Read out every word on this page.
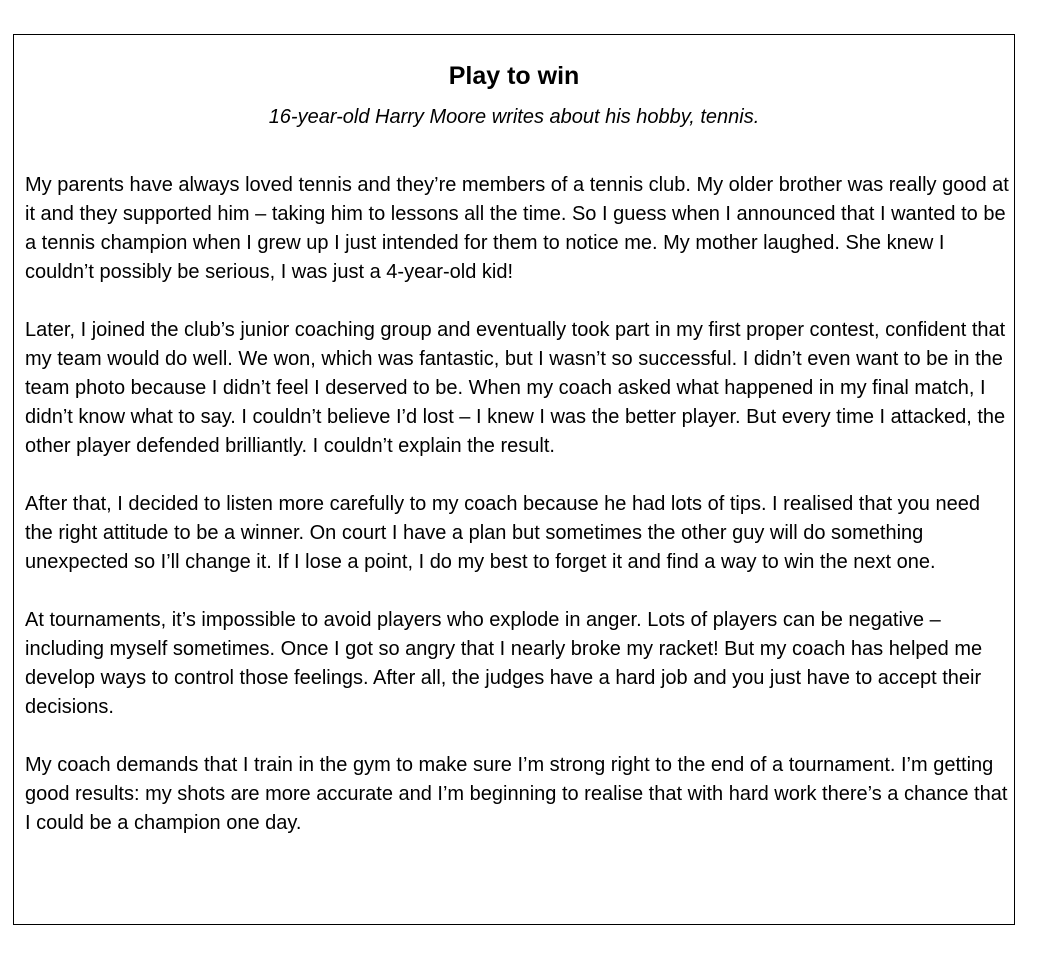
Play to win

16-year-old Harry Moore writes about his hobby, tennis.

My parents have always loved tennis and they’re members of a tennis club. My older brother was really good at it and they supported him – taking him to lessons all the time. So I guess when I announced that I wanted to be a tennis champion when I grew up I just intended for them to notice me. My mother laughed. She knew I couldn’t possibly be serious, I was just a 4-year-old kid!

Later, I joined the club’s junior coaching group and eventually took part in my first proper contest, confident that my team would do well. We won, which was fantastic, but I wasn’t so successful. I didn’t even want to be in the team photo because I didn’t feel I deserved to be. When my coach asked what happened in my final match, I didn’t know what to say. I couldn’t believe I’d lost – I knew I was the better player. But every time I attacked, the other player defended brilliantly. I couldn’t explain the result.

After that, I decided to listen more carefully to my coach because he had lots of tips. I realised that you need the right attitude to be a winner. On court I have a plan but sometimes the other guy will do something unexpected so I’ll change it. If I lose a point, I do my best to forget it and find a way to win the next one.

At tournaments, it’s impossible to avoid players who explode in anger. Lots of players can be negative – including myself sometimes. Once I got so angry that I nearly broke my racket! But my coach has helped me develop ways to control those feelings. After all, the judges have a hard job and you just have to accept their decisions.

My coach demands that I train in the gym to make sure I’m strong right to the end of a tournament. I’m getting good results: my shots are more accurate and I’m beginning to realise that with hard work there’s a chance that I could be a champion one day.
